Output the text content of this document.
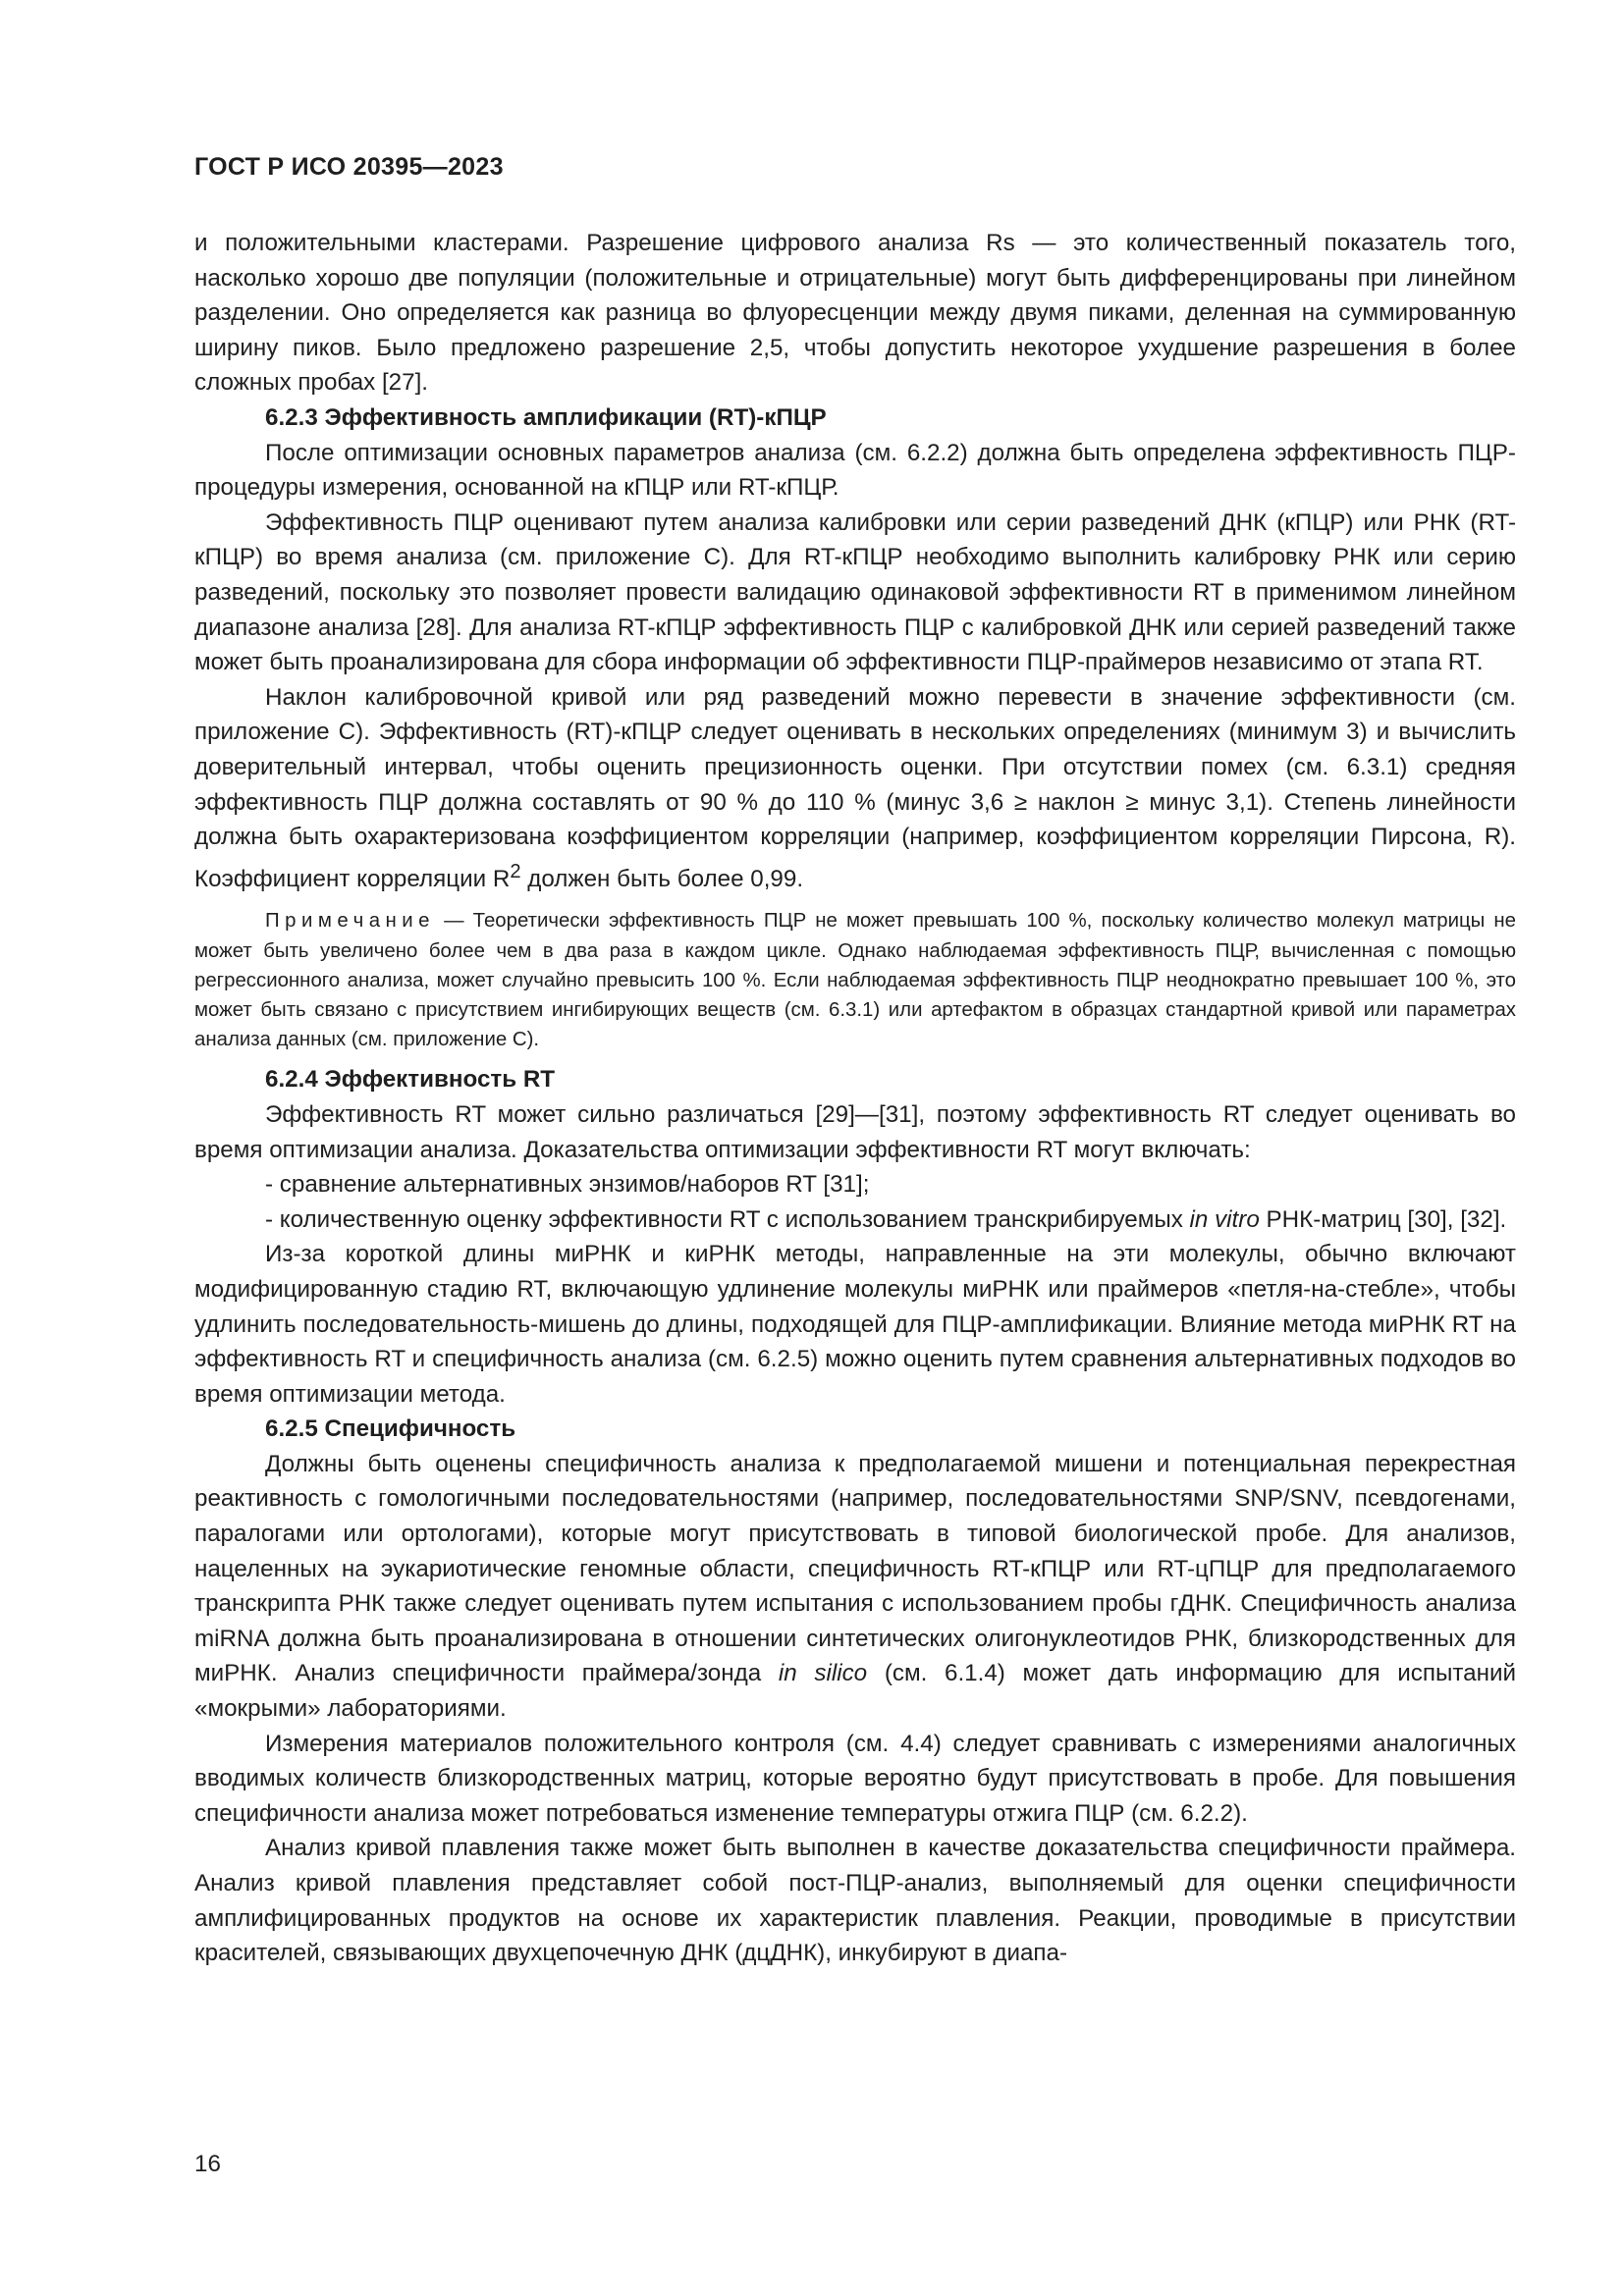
ГОСТ Р ИСО 20395—2023

и положительными кластерами. Разрешение цифрового анализа Rs — это количественный показатель того, насколько хорошо две популяции (положительные и отрицательные) могут быть дифференцированы при линейном разделении. Оно определяется как разница во флуоресценции между двумя пиками, деленная на суммированную ширину пиков. Было предложено разрешение 2,5, чтобы допустить некоторое ухудшение разрешения в более сложных пробах [27].

6.2.3 Эффективность амплификации (RT)-кПЦР

После оптимизации основных параметров анализа (см. 6.2.2) должна быть определена эффективность ПЦР-процедуры измерения, основанной на кПЦР или RT-кПЦР.

Эффективность ПЦР оценивают путем анализа калибровки или серии разведений ДНК (кПЦР) или РНК (RT-кПЦР) во время анализа (см. приложение С). Для RT-кПЦР необходимо выполнить калибровку РНК или серию разведений, поскольку это позволяет провести валидацию одинаковой эффективности RT в применимом линейном диапазоне анализа [28]. Для анализа RT-кПЦР эффективность ПЦР с калибровкой ДНК или серией разведений также может быть проанализирована для сбора информации об эффективности ПЦР-праймеров независимо от этапа RT.

Наклон калибровочной кривой или ряд разведений можно перевести в значение эффективности (см. приложение С). Эффективность (RT)-кПЦР следует оценивать в нескольких определениях (минимум 3) и вычислить доверительный интервал, чтобы оценить прецизионность оценки. При отсутствии помех (см. 6.3.1) средняя эффективность ПЦР должна составлять от 90 % до 110 % (минус 3,6 ≥ наклон ≥ минус 3,1). Степень линейности должна быть охарактеризована коэффициентом корреляции (например, коэффициентом корреляции Пирсона, R). Коэффициент корреляции $R^2$ должен быть более 0,99.

Примечание — Теоретически эффективность ПЦР не может превышать 100 %, поскольку количество молекул матрицы не может быть увеличено более чем в два раза в каждом цикле. Однако наблюдаемая эффективность ПЦР, вычисленная с помощью регрессионного анализа, может случайно превысить 100 %. Если наблюдаемая эффективность ПЦР неоднократно превышает 100 %, это может быть связано с присутствием ингибирующих веществ (см. 6.3.1) или артефактом в образцах стандартной кривой или параметрах анализа данных (см. приложение С).

6.2.4 Эффективность RT

Эффективность RT может сильно различаться [29]—[31], поэтому эффективность RT следует оценивать во время оптимизации анализа. Доказательства оптимизации эффективности RT могут включать:

- сравнение альтернативных энзимов/наборов RT [31];

- количественную оценку эффективности RT с использованием транскрибируемых in vitro РНК-матриц [30], [32].

Из-за короткой длины миРНК и киРНК методы, направленные на эти молекулы, обычно включают модифицированную стадию RT, включающую удлинение молекулы миРНК или праймеров «петля-на-стебле», чтобы удлинить последовательность-мишень до длины, подходящей для ПЦР-амплификации. Влияние метода миРНК RT на эффективность RT и специфичность анализа (см. 6.2.5) можно оценить путем сравнения альтернативных подходов во время оптимизации метода.

6.2.5 Специфичность

Должны быть оценены специфичность анализа к предполагаемой мишени и потенциальная перекрестная реактивность с гомологичными последовательностями (например, последовательностями SNP/SNV, псевдогенами, паралогами или ортологами), которые могут присутствовать в типовой биологической пробе. Для анализов, нацеленных на эукариотические геномные области, специфичность RT-кПЦР или RT-цПЦР для предполагаемого транскрипта РНК также следует оценивать путем испытания с использованием пробы гДНК. Специфичность анализа miRNA должна быть проанализирована в отношении синтетических олигонуклеотидов РНК, близкородственных для миРНК. Анализ специфичности праймера/зонда in silico (см. 6.1.4) может дать информацию для испытаний «мокрыми» лабораториями.

Измерения материалов положительного контроля (см. 4.4) следует сравнивать с измерениями аналогичных вводимых количеств близкородственных матриц, которые вероятно будут присутствовать в пробе. Для повышения специфичности анализа может потребоваться изменение температуры отжига ПЦР (см. 6.2.2).

Анализ кривой плавления также может быть выполнен в качестве доказательства специфичности праймера. Анализ кривой плавления представляет собой пост-ПЦР-анализ, выполняемый для оценки специфичности амплифицированных продуктов на основе их характеристик плавления. Реакции, проводимые в присутствии красителей, связывающих двухцепочечную ДНК (дцДНК), инкубируют в диапа-

16
